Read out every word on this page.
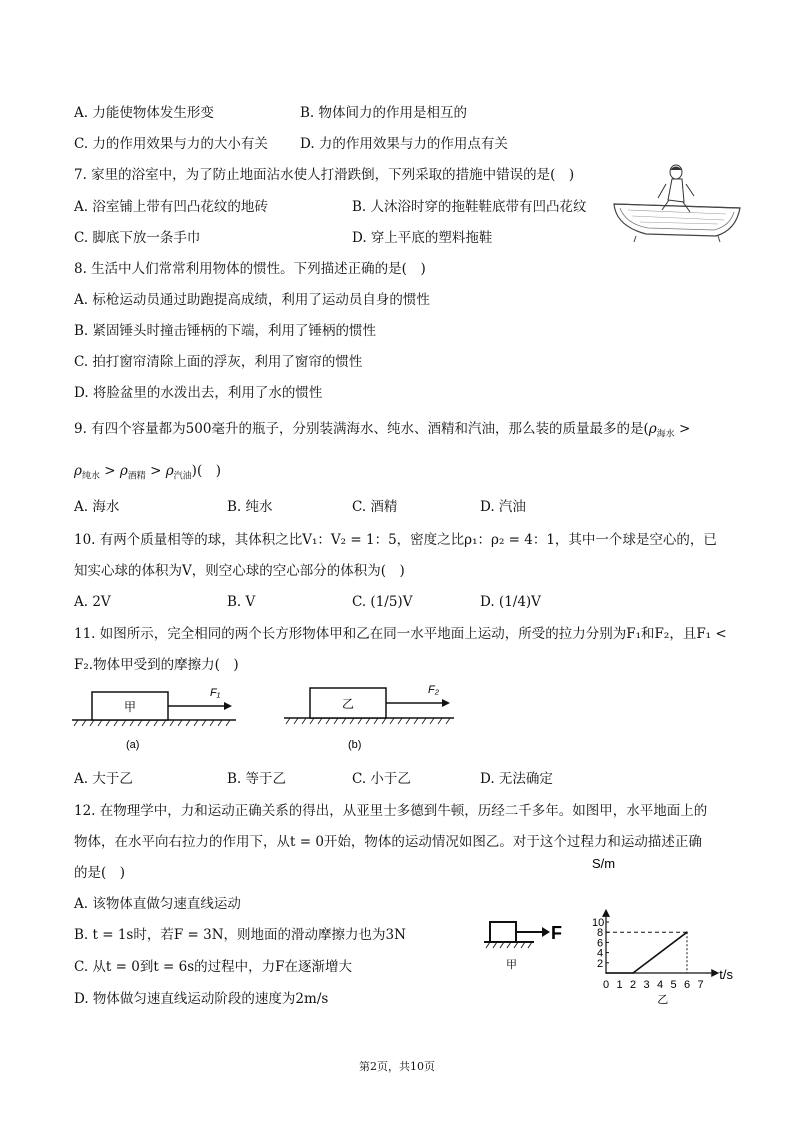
A. 力能使物体发生形变	B. 物体间力的作用是相互的
C. 力的作用效果与力的大小有关 D. 力的作用效果与力的作用点有关
7. 家里的浴室中，为了防止地面沾水使人打滑跌倒，下列采取的措施中错误的是(　)
A. 浴室铺上带有凹凸花纹的地砖	B. 人沐浴时穿的拖鞋鞋底带有凹凸花纹
C. 脚底下放一条手巾	D. 穿上平底的塑料拖鞋
8. 生活中人们常常利用物体的惯性。下列描述正确的是(　)
A. 标枪运动员通过助跑提高成绩，利用了运动员自身的惯性
B. 紧固锤头时撞击锤柄的下端，利用了锤柄的惯性
C. 拍打窗帘清除上面的浮灰，利用了窗帘的惯性
D. 将脸盆里的水泼出去，利用了水的惯性
9. 有四个容量都为500毫升的瓶子，分别装满海水、纯水、酒精和汽油，那么装的质量最多的是($\rho_{海水}$ >
$\rho_{纯水} > \rho_{酒精} > \rho_{汽油}$)(　)
A. 海水	B. 纯水	C. 酒精	D. 汽油
10. 有两个质量相等的球，其体积之比V₁：V₂ = 1：5，密度之比ρ₁：ρ₂ = 4：1，其中一个球是空心的，已
知实心球的体积为V，则空心球的空心部分的体积为(　)
A. 2V	B. V	C. (1/5)V	D. (1/4)V
11. 如图所示，完全相同的两个长方形物体甲和乙在同一水平地面上运动，所受的拉力分别为F₁和F₂，且F₁ <
F₂.物体甲受到的摩擦力(　)
甲
F₁
(a)
乙
F₂
(b)
A. 大于乙	B. 等于乙	C. 小于乙	D. 无法确定
12. 在物理学中，力和运动正确关系的得出，从亚里士多德到牛顿，历经二千多年。如图甲，水平地面上的
物体，在水平向右拉力的作用下，从t = 0开始，物体的运动情况如图乙。对于这个过程力和运动描述正确
的是(　)
A. 该物体直做匀速直线运动
B. t = 1s时，若F = 3N，则地面的滑动摩擦力也为3N
C. 从t = 0到t = 6s的过程中，力F在逐渐增大
D. 物体做匀速直线运动阶段的速度为2m/s
F
甲
S/m
t/s
0 1 2 3 4 5 6 7
2
4
6
8
10
乙
第2页，共10页
